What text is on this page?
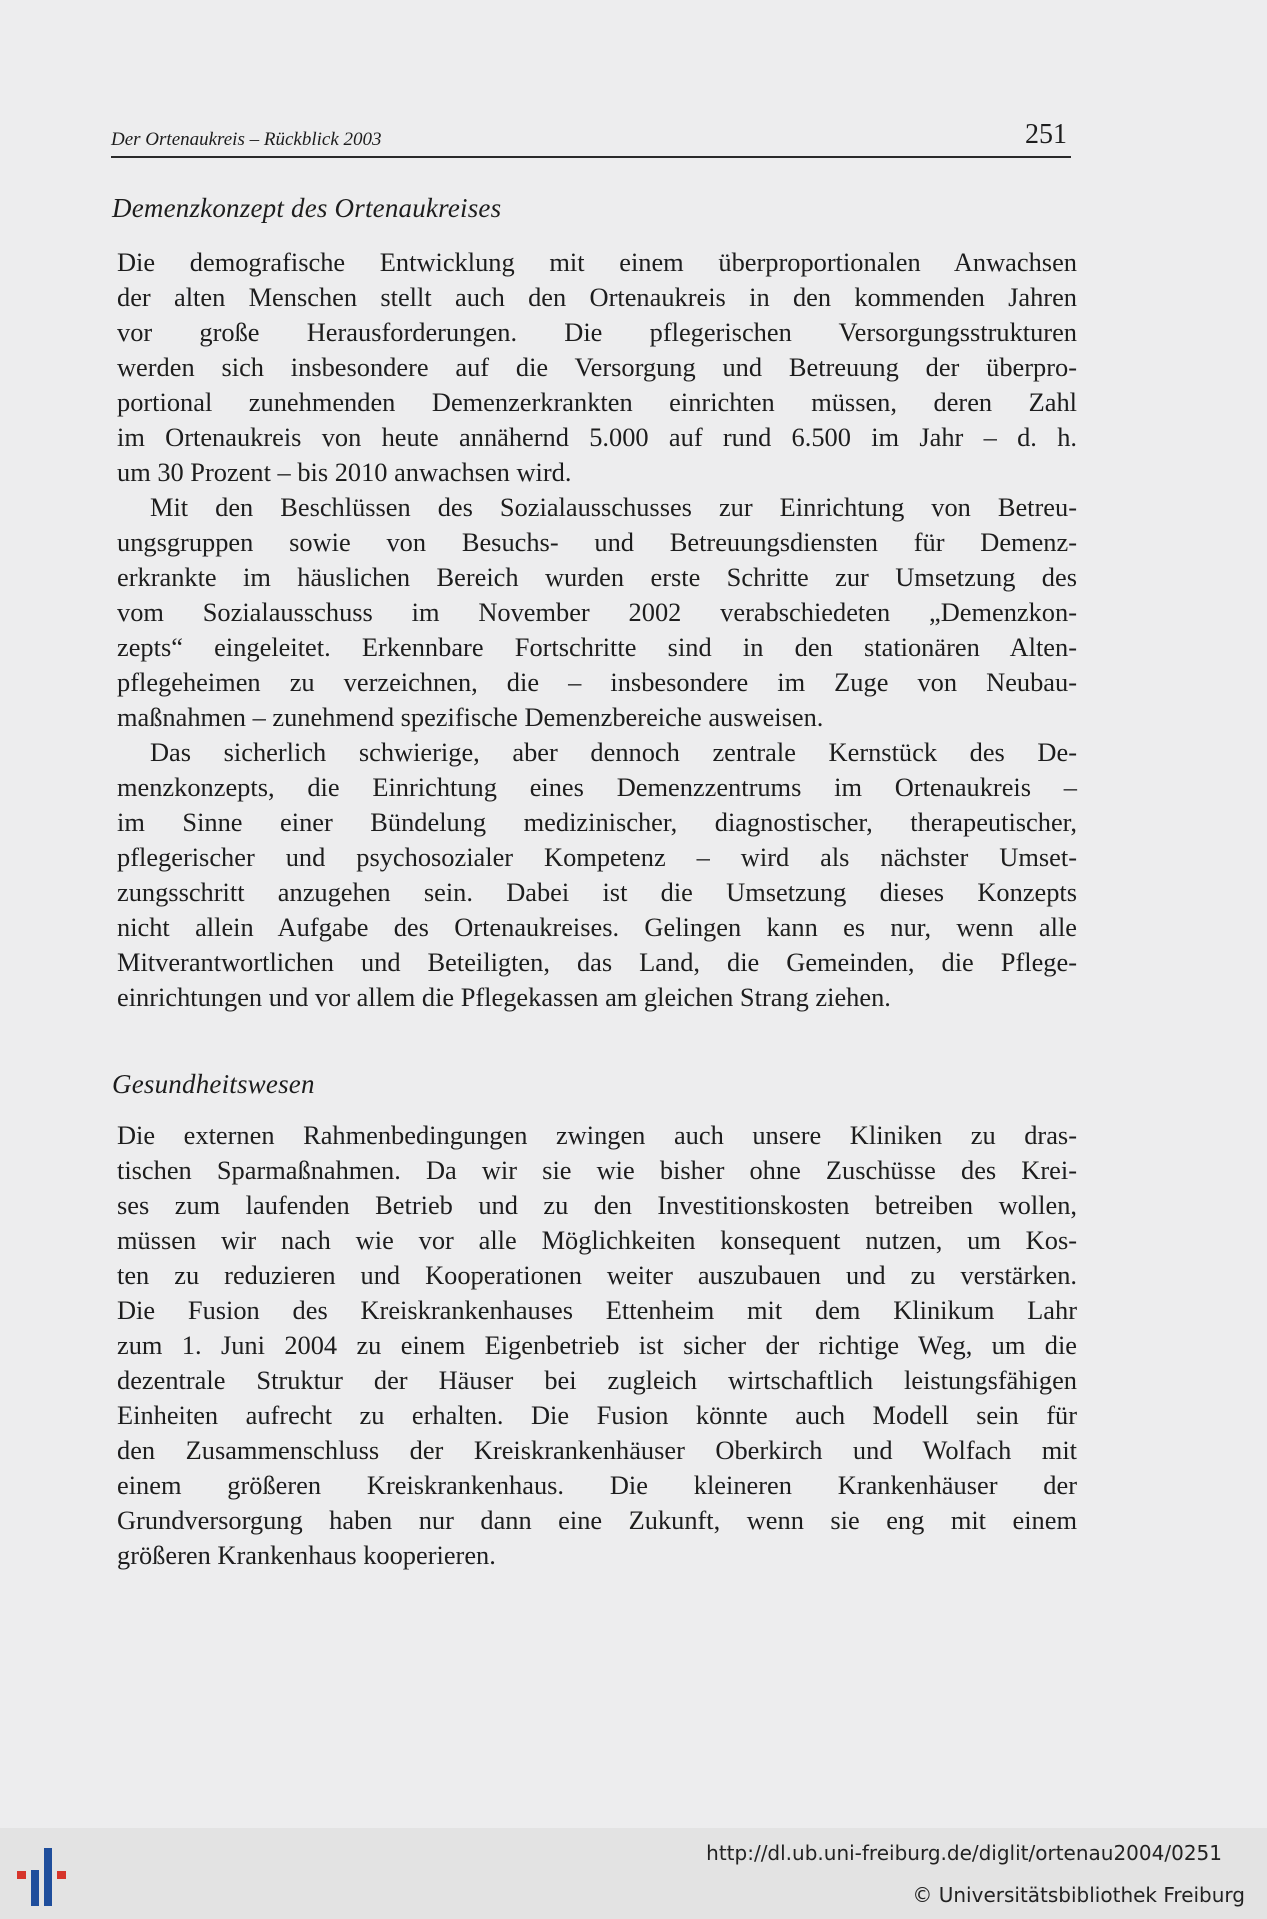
Der Ortenaukreis – Rückblick 2003	251
Demenzkonzept des Ortenaukreises
Die demografische Entwicklung mit einem überproportionalen Anwachsen
der alten Menschen stellt auch den Ortenaukreis in den kommenden Jahren
vor große Herausforderungen. Die pflegerischen Versorgungsstrukturen
werden sich insbesondere auf die Versorgung und Betreuung der überpro-
portional zunehmenden Demenzerkrankten einrichten müssen, deren Zahl
im Ortenaukreis von heute annähernd 5.000 auf rund 6.500 im Jahr – d. h.
um 30 Prozent – bis 2010 anwachsen wird.
Mit den Beschlüssen des Sozialausschusses zur Einrichtung von Betreu-
ungsgruppen sowie von Besuchs- und Betreuungsdiensten für Demenz-
erkrankte im häuslichen Bereich wurden erste Schritte zur Umsetzung des
vom Sozialausschuss im November 2002 verabschiedeten „Demenzkon-
zepts“ eingeleitet. Erkennbare Fortschritte sind in den stationären Alten-
pflegeheimen zu verzeichnen, die – insbesondere im Zuge von Neubau-
maßnahmen – zunehmend spezifische Demenzbereiche ausweisen.
Das sicherlich schwierige, aber dennoch zentrale Kernstück des De-
menzkonzepts, die Einrichtung eines Demenzzentrums im Ortenaukreis –
im Sinne einer Bündelung medizinischer, diagnostischer, therapeutischer,
pflegerischer und psychosozialer Kompetenz – wird als nächster Umset-
zungsschritt anzugehen sein. Dabei ist die Umsetzung dieses Konzepts
nicht allein Aufgabe des Ortenaukreises. Gelingen kann es nur, wenn alle
Mitverantwortlichen und Beteiligten, das Land, die Gemeinden, die Pflege-
einrichtungen und vor allem die Pflegekassen am gleichen Strang ziehen.
Gesundheitswesen
Die externen Rahmenbedingungen zwingen auch unsere Kliniken zu dras-
tischen Sparmaßnahmen. Da wir sie wie bisher ohne Zuschüsse des Krei-
ses zum laufenden Betrieb und zu den Investitionskosten betreiben wollen,
müssen wir nach wie vor alle Möglichkeiten konsequent nutzen, um Kos-
ten zu reduzieren und Kooperationen weiter auszubauen und zu verstärken.
Die Fusion des Kreiskrankenhauses Ettenheim mit dem Klinikum Lahr
zum 1. Juni 2004 zu einem Eigenbetrieb ist sicher der richtige Weg, um die
dezentrale Struktur der Häuser bei zugleich wirtschaftlich leistungsfähigen
Einheiten aufrecht zu erhalten. Die Fusion könnte auch Modell sein für
den Zusammenschluss der Kreiskrankenhäuser Oberkirch und Wolfach mit
einem größeren Kreiskrankenhaus. Die kleineren Krankenhäuser der
Grundversorgung haben nur dann eine Zukunft, wenn sie eng mit einem
größeren Krankenhaus kooperieren.
http://dl.ub.uni-freiburg.de/diglit/ortenau2004/0251
© Universitätsbibliothek Freiburg
